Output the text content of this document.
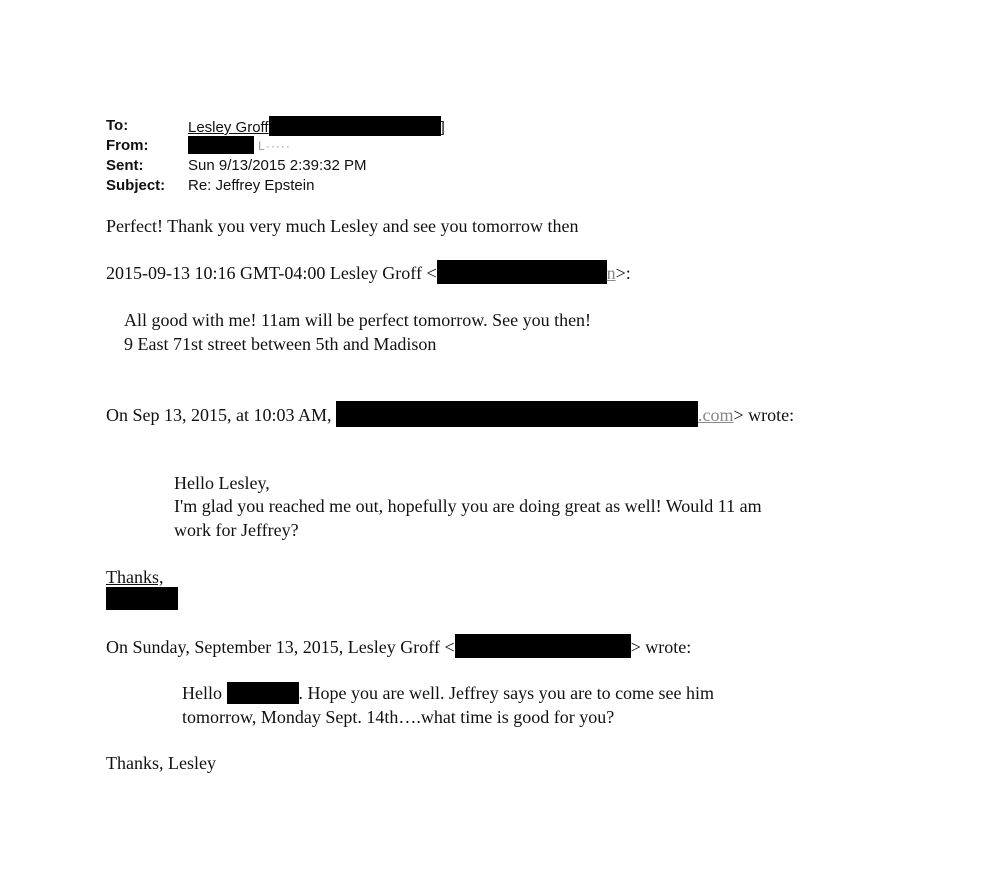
To:	Lesley Groff	]
From:	L·····
Sent:	Sun 9/13/2015 2:39:32 PM
Subject: Re: Jeffrey Epstein
Perfect! Thank you very much Lesley and see you tomorrow then
2015-09-13 10:16 GMT-04:00 Lesley Groff <	n>:
All good with me! 11am will be perfect tomorrow. See you then!
9 East 71st street between 5th and Madison
On Sep 13, 2015, at 10:03 AM,	.com> wrote:
Hello Lesley,
I'm glad you reached me out, hopefully you are doing great as well! Would 11 am
work for Jeffrey?
Thanks,
On Sunday, September 13, 2015, Lesley Groff <	> wrote:
Hello	. Hope you are well. Jeffrey says you are to come see him
tomorrow, Monday Sept. 14th….what time is good for you?
Thanks, Lesley
